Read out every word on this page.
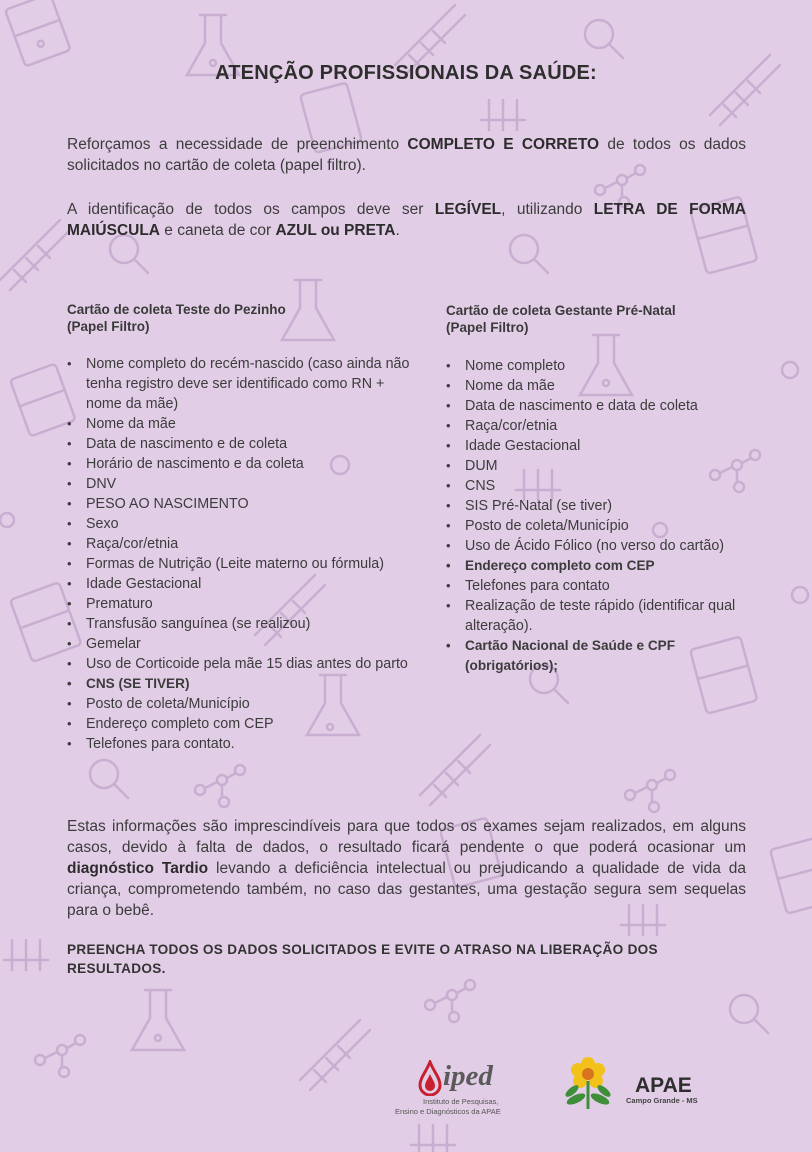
ATENÇÃO PROFISSIONAIS DA SAÚDE:
Reforçamos a necessidade de preenchimento COMPLETO E CORRETO de todos os dados solicitados no cartão de coleta (papel filtro).
A identificação de todos os campos deve ser LEGÍVEL, utilizando LETRA DE FORMA MAIÚSCULA e caneta de cor AZUL ou PRETA.
Cartão de coleta Teste do Pezinho
(Papel Filtro)
• Nome completo do recém-nascido (caso ainda não tenha registro deve ser identificado como RN + nome da mãe)
• Nome da mãe
• Data de nascimento e de coleta
• Horário de nascimento e da coleta
• DNV
• PESO AO NASCIMENTO
• Sexo
• Raça/cor/etnia
• Formas de Nutrição (Leite materno ou fórmula)
• Idade Gestacional
• Prematuro
• Transfusão sanguínea (se realizou)
• Gemelar
• Uso de Corticoide pela mãe 15 dias antes do parto
• CNS (SE TIVER)
• Posto de coleta/Município
• Endereço completo com CEP
• Telefones para contato.
Cartão de coleta Gestante Pré-Natal
(Papel Filtro)
• Nome completo
• Nome da mãe
• Data de nascimento e data de coleta
• Raça/cor/etnia
• Idade Gestacional
• DUM
• CNS
• SIS Pré-Natal (se tiver)
• Posto de coleta/Município
• Uso de Ácido Fólico (no verso do cartão)
• Endereço completo com CEP
• Telefones para contato
• Realização de teste rápido (identificar qual alteração).
• Cartão Nacional de Saúde e CPF (obrigatórios);
Estas informações são imprescindíveis para que todos os exames sejam realizados, em alguns casos, devido à falta de dados, o resultado ficará pendente o que poderá ocasionar um diagnóstico Tardio levando a deficiência intelectual ou prejudicando a qualidade de vida da criança, comprometendo também, no caso das gestantes, uma gestação segura sem sequelas para o bebê.
PREENCHA TODOS OS DADOS SOLICITADOS E EVITE O ATRASO NA LIBERAÇÃO DOS RESULTADOS.
iped
Instituto de Pesquisas,
Ensino e Diagnósticos da APAE
APAE
Campo Grande - MS
